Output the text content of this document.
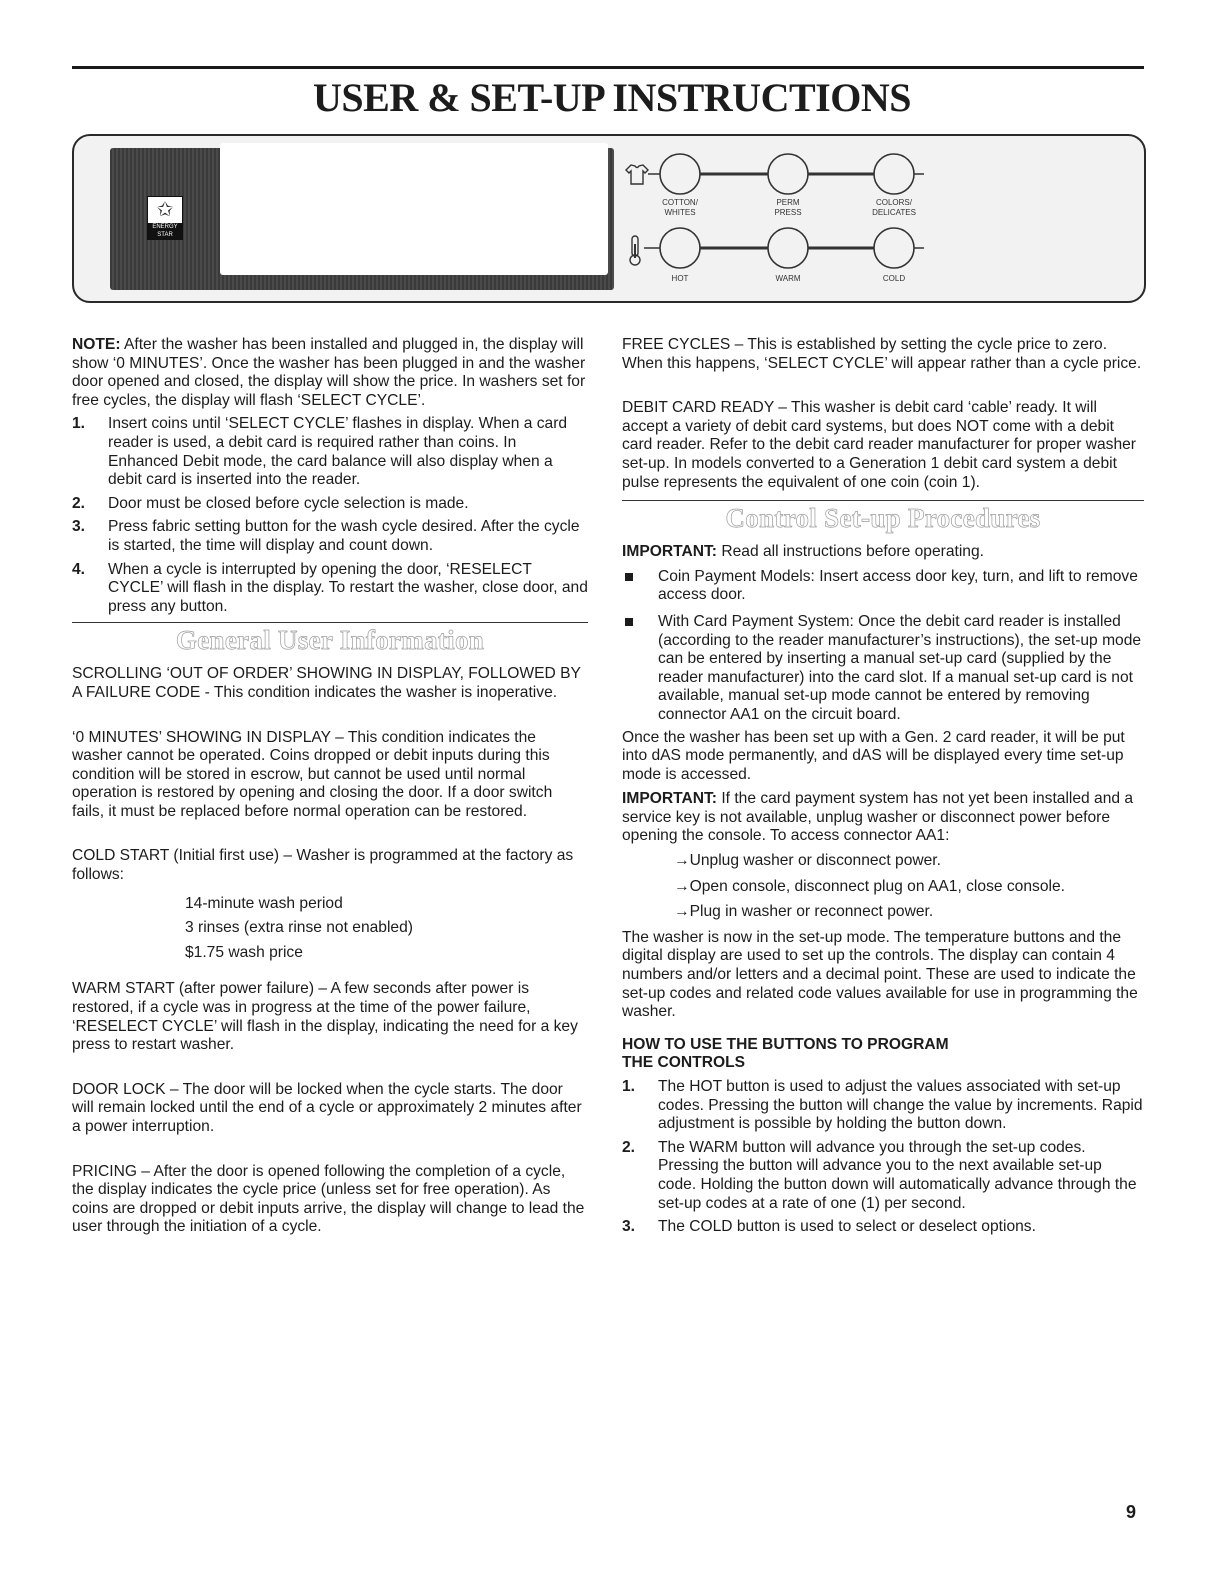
USER & SET-UP INSTRUCTIONS
✩
ENERGY STAR
COTTON/
WHITES
PERM
PRESS
COLORS/
DELICATES
HOT	WARM	COLD

NOTE: After the washer has been installed and plugged in, the display will show ‘0 MINUTES’. Once the washer has been plugged in and the washer door opened and closed, the display will show the price. In washers set for free cycles, the display will flash ‘SELECT CYCLE’.

1. Insert coins until ‘SELECT CYCLE’ flashes in display. When a card reader is used, a debit card is required rather than coins. In Enhanced Debit mode, the card balance will also display when a debit card is inserted into the reader.
2. Door must be closed before cycle selection is made.
3. Press fabric setting button for the wash cycle desired. After the cycle is started, the time will display and count down.
4. When a cycle is interrupted by opening the door, ‘RESELECT CYCLE’ will flash in the display. To restart the washer, close door, and press any button.
General User Information

SCROLLING ‘OUT OF ORDER’ SHOWING IN DISPLAY, FOLLOWED BY A FAILURE CODE - This condition indicates the washer is inoperative.

‘0 MINUTES’ SHOWING IN DISPLAY – This condition indicates the washer cannot be operated. Coins dropped or debit inputs during this condition will be stored in escrow, but cannot be used until normal operation is restored by opening and closing the door. If a door switch fails, it must be replaced before normal operation can be restored.

COLD START (Initial first use) – Washer is programmed at the factory as follows:

14-minute wash period

3 rinses (extra rinse not enabled)

$1.75 wash price

WARM START (after power failure) – A few seconds after power is restored, if a cycle was in progress at the time of the power failure, ‘RESELECT CYCLE’ will flash in the display, indicating the need for a key press to restart washer.

DOOR LOCK – The door will be locked when the cycle starts. The door will remain locked until the end of a cycle or approximately 2 minutes after a power interruption.

PRICING – After the door is opened following the completion of a cycle, the display indicates the cycle price (unless set for free operation). As coins are dropped or debit inputs arrive, the display will change to lead the user through the initiation of a cycle.

FREE CYCLES – This is established by setting the cycle price to zero. When this happens, ‘SELECT CYCLE’ will appear rather than a cycle price.

DEBIT CARD READY – This washer is debit card ‘cable’ ready. It will accept a variety of debit card systems, but does NOT come with a debit card reader. Refer to the debit card reader manufacturer for proper washer set-up. In models converted to a Generation 1 debit card system a debit pulse represents the equivalent of one coin (coin 1).

Control Set-up Procedures

IMPORTANT: Read all instructions before operating.

Coin Payment Models: Insert access door key, turn, and lift to remove access door.
With Card Payment System: Once the debit card reader is installed (according to the reader manufacturer’s instructions), the set-up mode can be entered by inserting a manual set-up card (supplied by the reader manufacturer) into the card slot. If a manual set-up card is not available, manual set-up mode cannot be entered by removing connector AA1 on the circuit board.

Once the washer has been set up with a Gen. 2 card reader, it will be put into dAS mode permanently, and dAS will be displayed every time set-up mode is accessed.

IMPORTANT: If the card payment system has not yet been installed and a service key is not available, unplug washer or disconnect power before opening the console. To access connector AA1:

→Unplug washer or disconnect power.

→Open console, disconnect plug on AA1, close console.

→Plug in washer or reconnect power.

The washer is now in the set-up mode. The temperature buttons and the digital display are used to set up the controls. The display can contain 4 numbers and/or letters and a decimal point. These are used to indicate the set-up codes and related code values available for use in programming the washer.

HOW TO USE THE BUTTONS TO PROGRAM
THE CONTROLS

1. The HOT button is used to adjust the values associated with set-up codes. Pressing the button will change the value by increments. Rapid adjustment is possible by holding the button down.
2. The WARM button will advance you through the set-up codes. Pressing the button will advance you to the next available set-up code. Holding the button down will automatically advance through the set-up codes at a rate of one (1) per second.
3. The COLD button is used to select or deselect options.
9
